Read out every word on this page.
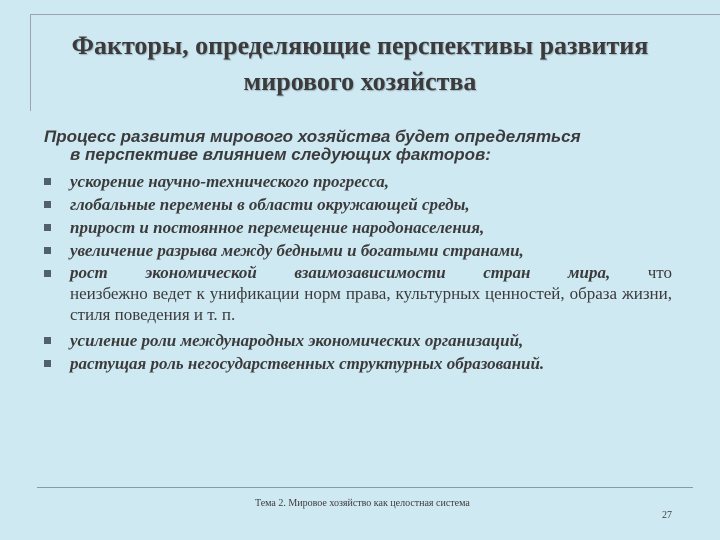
Факторы, определяющие перспективы развития мирового хозяйства
Процесс развития мирового хозяйства будет определяться
в перспективе влиянием следующих факторов:
ускорение научно-технического прогресса,
глобальные перемены в области окружающей среды,
прирост и постоянное перемещение народонаселения,
увеличение разрыва между бедными и богатыми странами,
рост экономической взаимозависимости стран мира, что
неизбежно ведет к унификации норм права, культурных ценностей, образа жизни, стиля поведения и т. п.
усиление роли международных экономических организаций,
растущая роль негосударственных структурных образований.
Тема 2. Мировое хозяйство как целостная система
27
